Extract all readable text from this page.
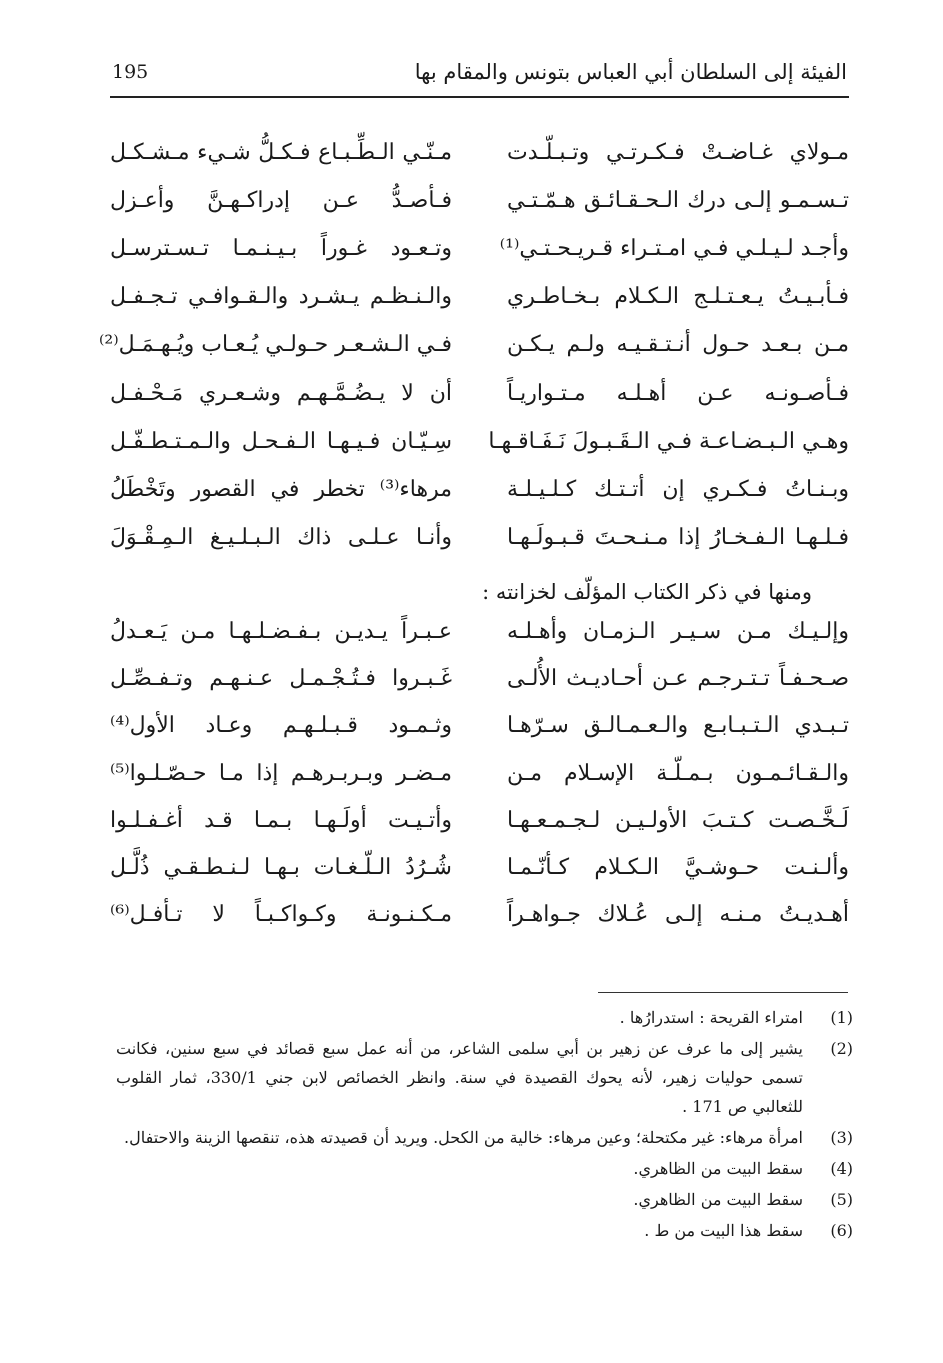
الفيئة إلى السلطان أبي العباس بتونس والمقام بها
195
مـولاي غـاضـتْ فـكـرتـي وتـبـلّـدت
مـنّـي الـطِّـبـاع فـكـلُّ شـيء مـشـكـل
تـسـمـو إلـى درك الـحـقـائـق هـمّـتـي
فـأصـدُّ عـن إدراكـهـنَّ وأعـزل
وأجـد لـيـلـي فـي امـتـراء قـريـحـتـي⁽¹⁾
وتـعـود غـوراً بـيـنـمـا تـسـترسـل
فـأبـيـتُ يـعـتـلـج الـكـلام بـخـاطـري
والـنـظـم يـشـرد والـقـوافـي تـجـفـل
مـن بـعـد حـول أنـتـقـيـه ولـم يـكـن
فـي الـشـعـر حـولـي يُـعـاب ويُـهـمَـل⁽²⁾
فـأصـونـه عـن أهـلـه مـتـواريـاً
أن لا يـضُـمَّـهـم وشـعـري مَـحْـفـل
وهـي الـبـضـاعـة فـي الـقَـبـولَ نَـفَـاقـهـا
سِـيّـان فـيـهـا الـفـحـل والـمـتـطـفّـل
وبـنـاتُ فـكـري إن أتـتـك كـلـيـلـة
مرهاء⁽³⁾ تخطر في القصور وتَخْطَلُ
فـلـهـا الـفـخـارُ إذا مـنـحـتَ قـبـولَـهـا
وأنـا عـلـى ذاك الـبـلـيـغ الـمِـقْـوَلَ
ومنها في ذكر الكتاب المؤلّف لخزانته :
وإلـيـك مـن سـيـر الـزمـان وأهـلـه
عـبـراً يـديـن بـفـضـلـهـا مـن يَـعـدلُ
صـحـفـاً تـتـرجـم عـن أحـاديـث الأُلـى
غَـبـروا فـتُـجْـمـل عـنـهـم وتـفـصِّـل
تـبـدي الـتـبـابـع والـعـمـالـق سـرّهـا
وثـمـود قـبـلـهـم وعـاد الأول⁽⁴⁾
والـقـائـمـون بـمـلّـة الإسـلام مـن
مـضـر وبـربـرهـم إذا مـا حـصّـلـوا⁽⁵⁾
لَـخَّـصـت كـتـبَ الأولـيـن لـجـمـعـهـا
وأتـيـت أولَـهـا بـمـا قـد أغـفـلـوا
وألـنـت حـوشـيَّ الـكـلام كـأنّـمـا
شُـرُدُ الـلّـغـات بـهـا لـنـطـقـي ذُلَّـل
أهـديـتُ مـنـه إلـى عُـلاك جـواهـراً
مـكـنـونـة وكـواكـبـاً لا تـأفـل⁽⁶⁾
(1)
امتراء القريحة : استدرارُها .
(2)
يشير إلى ما عرف عن زهير بن أبي سلمى الشاعر، من أنه عمل سبع قصائد في سبع سنين، فكانت تسمى حوليات زهير، لأنه يحوك القصيدة في سنة. وانظر الخصائص لابن جني 330/1، ثمار القلوب للثعالبي ص 171 .
(3)
امرأة مرهاء: غير مكتحلة؛ وعين مرهاء: خالية من الكحل. ويريد أن قصيدته هذه، تنقصها الزينة والاحتفال.
(4)
سقط البيت من الظاهري.
(5)
سقط البيت من الظاهري.
(6)
سقط هذا البيت من ط .
